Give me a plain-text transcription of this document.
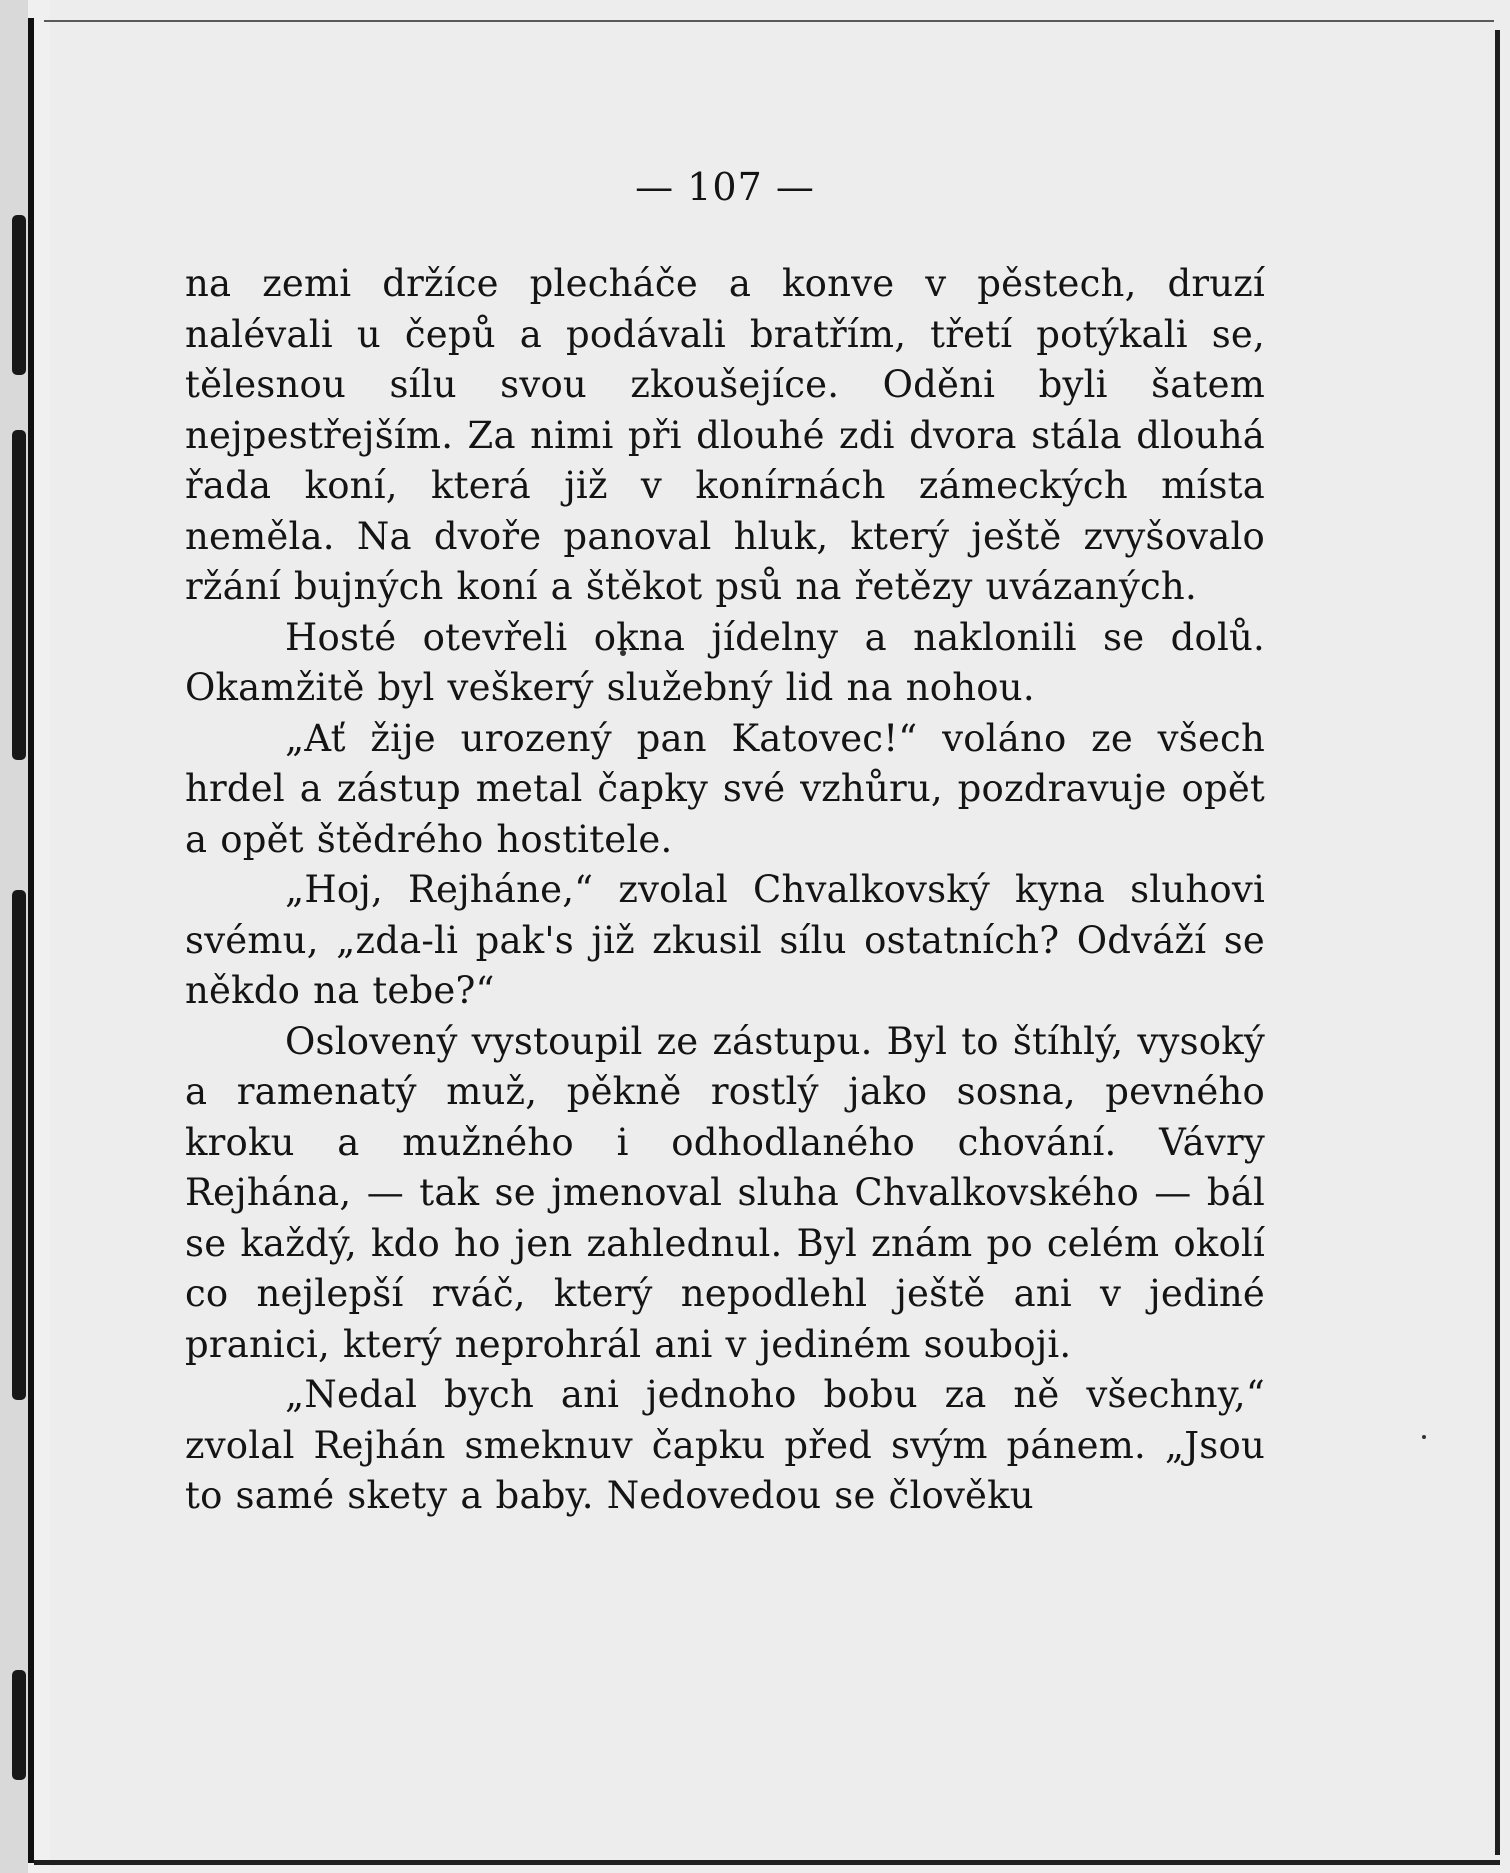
— 107 —

na zemi držíce plecháče a konve v pěstech, druzí nalévali u čepů a podávali bratřím, třetí potýkali se, tělesnou sílu svou zkoušejíce. Oděni byli šatem nejpestřejším. Za nimi při dlouhé zdi dvora stála dlouhá řada koní, která již v konírnách zámeckých místa neměla. Na dvoře panoval hluk, který ještě zvyšovalo ržání bujných koní a štěkot psů na řetězy uvázaných.

Hosté otevřeli okna jídelny a naklonili se dolů. Okamžitě byl veškerý služebný lid na nohou.

„Ať žije urozený pan Katovec!“ voláno ze všech hrdel a zástup metal čapky své vzhůru, pozdravuje opět a opět štědrého hostitele.

„Hoj, Rejháne,“ zvolal Chvalkovský kyna sluhovi svému, „zda-li pak's již zkusil sílu ostatních? Odváží se někdo na tebe?“

Oslovený vystoupil ze zástupu. Byl to štíhlý, vysoký a ramenatý muž, pěkně rostlý jako sosna, pevného kroku a mužného i odhodlaného chování. Vávry Rejhána, — tak se jmenoval sluha Chvalkovského — bál se každý, kdo ho jen zahlednul. Byl znám po celém okolí co nejlepší rváč, který nepodlehl ještě ani v jediné pranici, který neprohrál ani v jediném souboji.

„Nedal bych ani jednoho bobu za ně všechny,“ zvolal Rejhán smeknuv čapku před svým pánem. „Jsou to samé skety a baby. Nedovedou se člověku
